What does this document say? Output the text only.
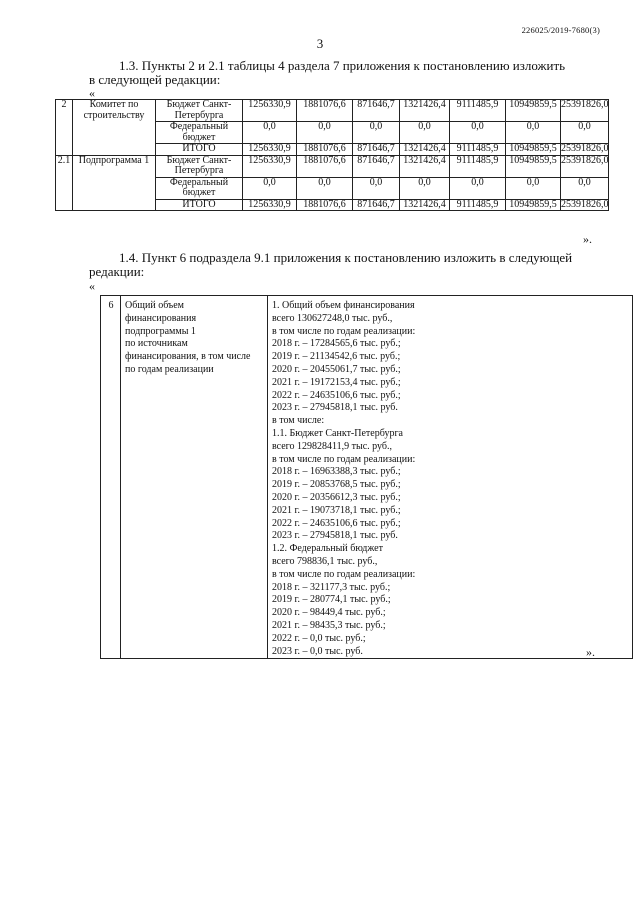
226025/2019-7680(3)
3
1.3. Пункты 2 и 2.1 таблицы 4 раздела 7 приложения к постановлению изложить
в следующей редакции:
«
2	Комитет по строительству	Бюджет Санкт-Петербурга	1256330,9	1881076,6	871646,7	1321426,4	9111485,9	10949859,5	25391826,0
		Федеральный бюджет	0,0	0,0	0,0	0,0	0,0	0,0	0,0
		ИТОГО	1256330,9	1881076,6	871646,7	1321426,4	9111485,9	10949859,5	25391826,0
2.1	Подпрограмма 1	Бюджет Санкт-Петербурга	1256330,9	1881076,6	871646,7	1321426,4	9111485,9	10949859,5	25391826,0
		Федеральный бюджет	0,0	0,0	0,0	0,0	0,0	0,0	0,0
		ИТОГО	1256330,9	1881076,6	871646,7	1321426,4	9111485,9	10949859,5	25391826,0
».
1.4. Пункт 6 подраздела 9.1 приложения к постановлению изложить в следующей
редакции:
«
6	Общий объем
финансирования
подпрограммы 1
по источникам
финансирования, в том числе
по годам реализации

1. Общий объем финансирования
всего 130627248,0 тыс. руб.,
в том числе по годам реализации:
2018 г. – 17284565,6 тыс. руб.;
2019 г. – 21134542,6 тыс. руб.;
2020 г. – 20455061,7 тыс. руб.;
2021 г. – 19172153,4 тыс. руб.;
2022 г. – 24635106,6 тыс. руб.;
2023 г. – 27945818,1 тыс. руб.
в том числе:
1.1. Бюджет Санкт-Петербурга
всего 129828411,9 тыс. руб.,
в том числе по годам реализации:
2018 г. – 16963388,3 тыс. руб.;
2019 г. – 20853768,5 тыс. руб.;
2020 г. – 20356612,3 тыс. руб.;
2021 г. – 19073718,1 тыс. руб.;
2022 г. – 24635106,6 тыс. руб.;
2023 г. – 27945818,1 тыс. руб.
1.2. Федеральный бюджет
всего 798836,1 тыс. руб.,
в том числе по годам реализации:
2018 г. – 321177,3 тыс. руб.;
2019 г. – 280774,1 тыс. руб.;
2020 г. – 98449,4 тыс. руб.;
2021 г. – 98435,3 тыс. руб.;
2022 г. – 0,0 тыс. руб.;
2023 г. – 0,0 тыс. руб.	».
